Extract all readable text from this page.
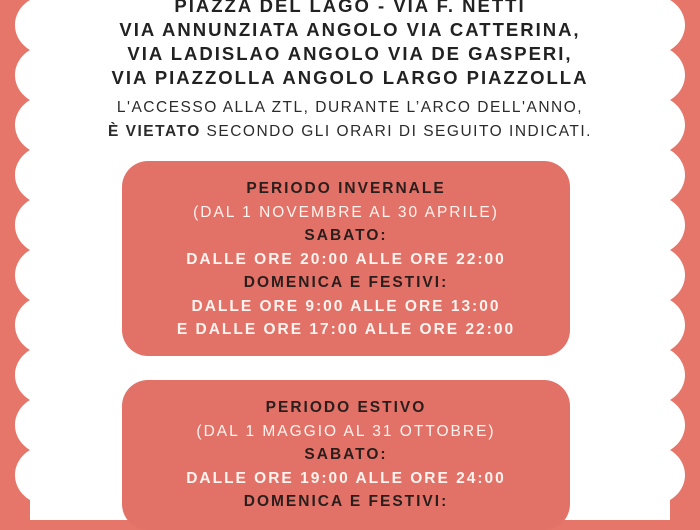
PIAZZA DEL LAGO - VIA F. NETTI
VIA ANNUNZIATA ANGOLO VIA CATTERINA,
VIA LADISLAO ANGOLO VIA DE GASPERI,
VIA PIAZZOLLA ANGOLO LARGO PIAZZOLLA
L'ACCESSO ALLA ZTL, DURANTE L’ARCO DELL'ANNO,
È VIETATO SECONDO GLI ORARI DI SEGUITO INDICATI.
PERIODO INVERNALE
(DAL 1 NOVEMBRE AL 30 APRILE)
SABATO:
DALLE ORE 20:00 ALLE ORE 22:00
DOMENICA E FESTIVI:
DALLE ORE 9:00 ALLE ORE 13:00
E DALLE ORE 17:00 ALLE ORE 22:00
PERIODO ESTIVO
(DAL 1 MAGGIO AL 31 OTTOBRE)
SABATO:
DALLE ORE 19:00 ALLE ORE 24:00
DOMENICA E FESTIVI:
